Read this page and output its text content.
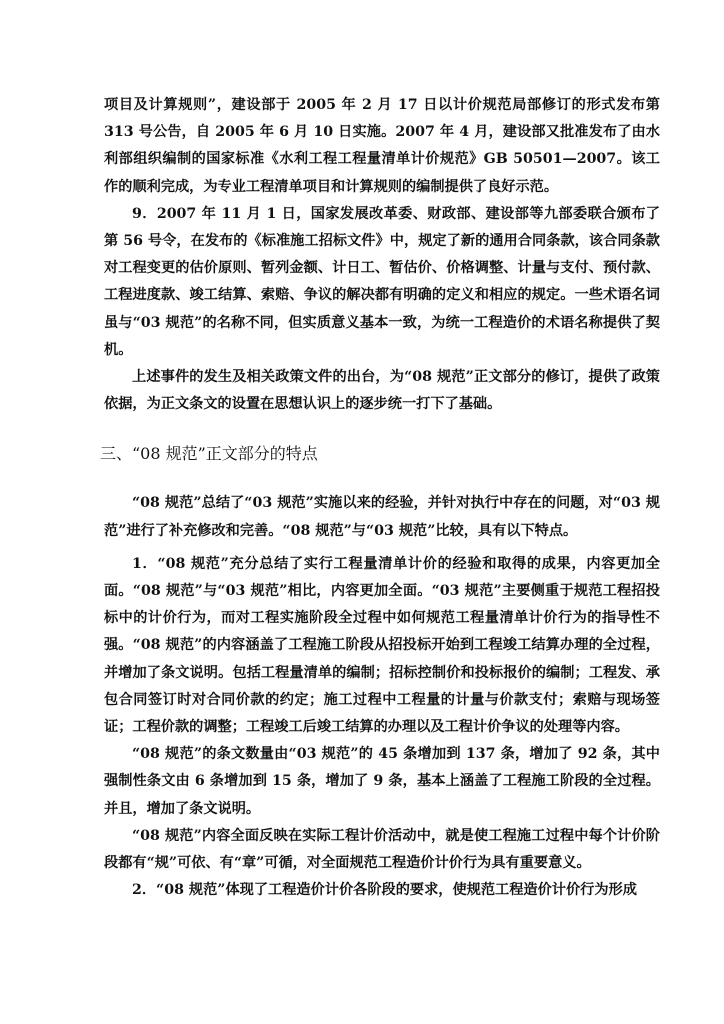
项目及计算规则”，建设部于 2005 年 2 月 17 日以计价规范局部修订的形式发布第 313 号公告，自 2005 年 6 月 10 日实施。2007 年 4 月，建设部又批准发布了由水利部组织编制的国家标准《水利工程工程量清单计价规范》GB 50501—2007。该工作的顺利完成，为专业工程清单项目和计算规则的编制提供了良好示范。

9．2007 年 11 月 1 日，国家发展改革委、财政部、建设部等九部委联合颁布了第 56 号令，在发布的《标准施工招标文件》中，规定了新的通用合同条款，该合同条款对工程变更的估价原则、暂列金额、计日工、暂估价、价格调整、计量与支付、预付款、工程进度款、竣工结算、索赔、争议的解决都有明确的定义和相应的规定。一些术语名词虽与“03 规范”的名称不同，但实质意义基本一致，为统一工程造价的术语名称提供了契机。

上述事件的发生及相关政策文件的出台，为“08 规范”正文部分的修订，提供了政策依据，为正文条文的设置在思想认识上的逐步统一打下了基础。

三、“08 规范”正文部分的特点

“08 规范”总结了“03 规范”实施以来的经验，并针对执行中存在的问题，对“03 规范”进行了补充修改和完善。“08 规范”与“03 规范”比较，具有以下特点。

1．“08 规范”充分总结了实行工程量清单计价的经验和取得的成果，内容更加全面。“08 规范”与“03 规范”相比，内容更加全面。“03 规范”主要侧重于规范工程招投标中的计价行为，而对工程实施阶段全过程中如何规范工程量清单计价行为的指导性不强。“08 规范”的内容涵盖了工程施工阶段从招投标开始到工程竣工结算办理的全过程，并增加了条文说明。包括工程量清单的编制；招标控制价和投标报价的编制；工程发、承包合同签订时对合同价款的约定；施工过程中工程量的计量与价款支付；索赔与现场签证；工程价款的调整；工程竣工后竣工结算的办理以及工程计价争议的处理等内容。

“08 规范”的条文数量由“03 规范”的 45 条增加到 137 条，增加了 92 条，其中强制性条文由 6 条增加到 15 条，增加了 9 条，基本上涵盖了工程施工阶段的全过程。并且，增加了条文说明。

“08 规范”内容全面反映在实际工程计价活动中，就是使工程施工过程中每个计价阶段都有“规”可依、有“章”可循，对全面规范工程造价计价行为具有重要意义。

2．“08 规范”体现了工程造价计价各阶段的要求，使规范工程造价计价行为形成
